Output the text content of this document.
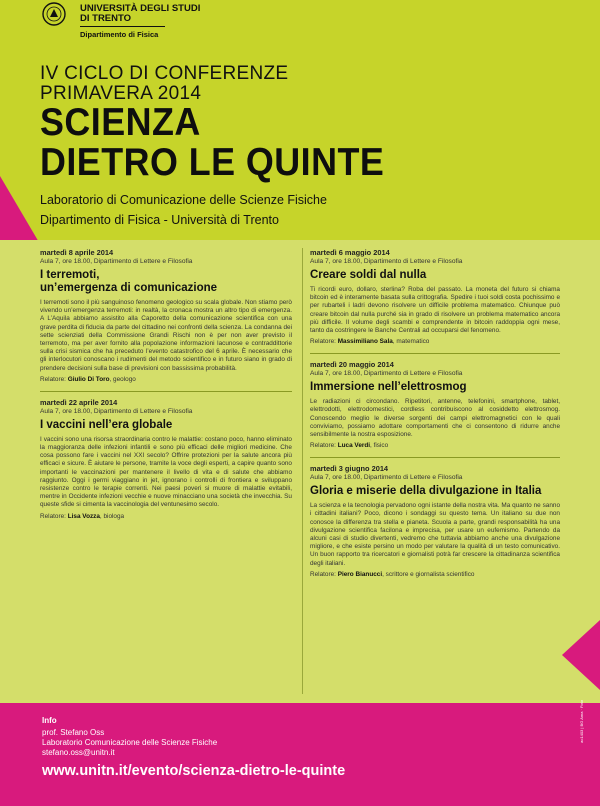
UNIVERSITÀ DEGLI STUDI
DI TRENTO
Dipartimento di Fisica
IV CICLO DI CONFERENZE
PRIMAVERA 2014
SCIENZA
DIETRO LE QUINTE
Laboratorio di Comunicazione delle Scienze Fisiche
Dipartimento di Fisica - Università di Trento
martedì 8 aprile 2014
Aula 7, ore 18.00, Dipartimento di Lettere e Filosofia
I terremoti,
un’emergenza di comunicazione
I terremoti sono il più sanguinoso fenomeno geologico su scala globale. Non stiamo però vivendo un’emergenza terremoti: in realtà, la cronaca mostra un altro tipo di emergenza. A L’Aquila abbiamo assistito alla Caporetto della comunicazione scientifica con una grave perdita di fiducia da parte del cittadino nei confronti della scienza. La condanna dei sette scienziati della Commissione Grandi Rischi non è per non aver previsto il terremoto, ma per aver fornito alla popolazione informazioni lacunose e contraddittorie sulla crisi sismica che ha preceduto l’evento catastrofico del 6 aprile. È necessario che gli interlocutori conoscano i rudimenti del metodo scientifico e in futuro siano in grado di prendere decisioni sulla base di previsioni con bassissima probabilità.
Relatore: Giulio Di Toro, geologo
martedì 22 aprile 2014
Aula 7, ore 18.00, Dipartimento di Lettere e Filosofia
I vaccini nell’era globale
I vaccini sono una risorsa straordinaria contro le malattie: costano poco, hanno eliminato la maggioranza delle infezioni infantili e sono più efficaci delle migliori medicine. Che cosa possono fare i vaccini nel XXI secolo? Offrire protezioni per la salute ancora più efficaci e sicure. È aiutare le persone, tramite la voce degli esperti, a capire quanto sono importanti le vaccinazioni per mantenere il livello di vita e di salute che abbiamo raggiunto. Oggi i germi viaggiano in jet, ignorano i controlli di frontiera e sviluppano resistenze contro le terapie correnti. Nei paesi poveri si muore di malattie evitabili, mentre in Occidente infezioni vecchie e nuove minacciano una società che invecchia. Su queste sfide si cimenta la vaccinologia del ventunesimo secolo.
Relatore: Lisa Vozza, biologa
martedì 6 maggio 2014
Aula 7, ore 18.00, Dipartimento di Lettere e Filosofia
Creare soldi dal nulla
Ti ricordi euro, dollaro, sterlina? Roba del passato. La moneta del futuro si chiama bitcoin ed è interamente basata sulla crittografia. Spedire i tuoi soldi costa pochissimo e per rubarteli i ladri devono risolvere un difficile problema matematico. Chiunque può creare bitcoin dal nulla purché sia in grado di risolvere un problema matematico ancora più difficile. Il volume degli scambi e comprendente in bitcoin raddoppia ogni mese, tanto da costringere le Banche Centrali ad occuparsi del fenomeno.
Relatore: Massimiliano Sala, matematico
martedì 20 maggio 2014
Aula 7, ore 18.00, Dipartimento di Lettere e Filosofia
Immersione nell’elettrosmog
Le radiazioni ci circondano. Ripetitori, antenne, telefonini, smartphone, tablet, elettrodotti, elettrodomestici, cordless contribuiscono al cosiddetto elettrosmog. Conoscendo meglio le diverse sorgenti dei campi elettromagnetici con le quali conviviamo, possiamo adottare comportamenti che ci consentono di ridurre anche sensibilmente la nostra esposizione.
Relatore: Luca Verdi, fisico
martedì 3 giugno 2014
Aula 7, ore 18.00, Dipartimento di Lettere e Filosofia
Gloria e miserie della divulgazione in Italia
La scienza e la tecnologia pervadono ogni istante della nostra vita. Ma quanto ne sanno i cittadini italiani? Poco, dicono i sondaggi su questo tema. Un italiano su due non conosce la differenza tra stella e pianeta. Scuola a parte, grandi responsabilità ha una divulgazione scientifica facilona e imprecisa, per usare un eufemismo. Partendo da alcuni casi di studio divertenti, vedremo che tuttavia abbiamo anche una divulgazione migliore, e che esiste persino un modo per valutare la qualità di un testo comunicativo. Un buon rapporto tra ricercatori e giornalisti potrà far crescere la cittadinanza scientifica degli italiani.
Relatore: Piero Bianucci, scrittore e giornalista scientifico
Info
prof. Stefano Oss
Laboratorio Comunicazione delle Scienze Fisiche
stefano.oss@unitn.it
www.unitn.it/evento/scienza-dietro-le-quinte
ac1403 | BG Ama · Foto
